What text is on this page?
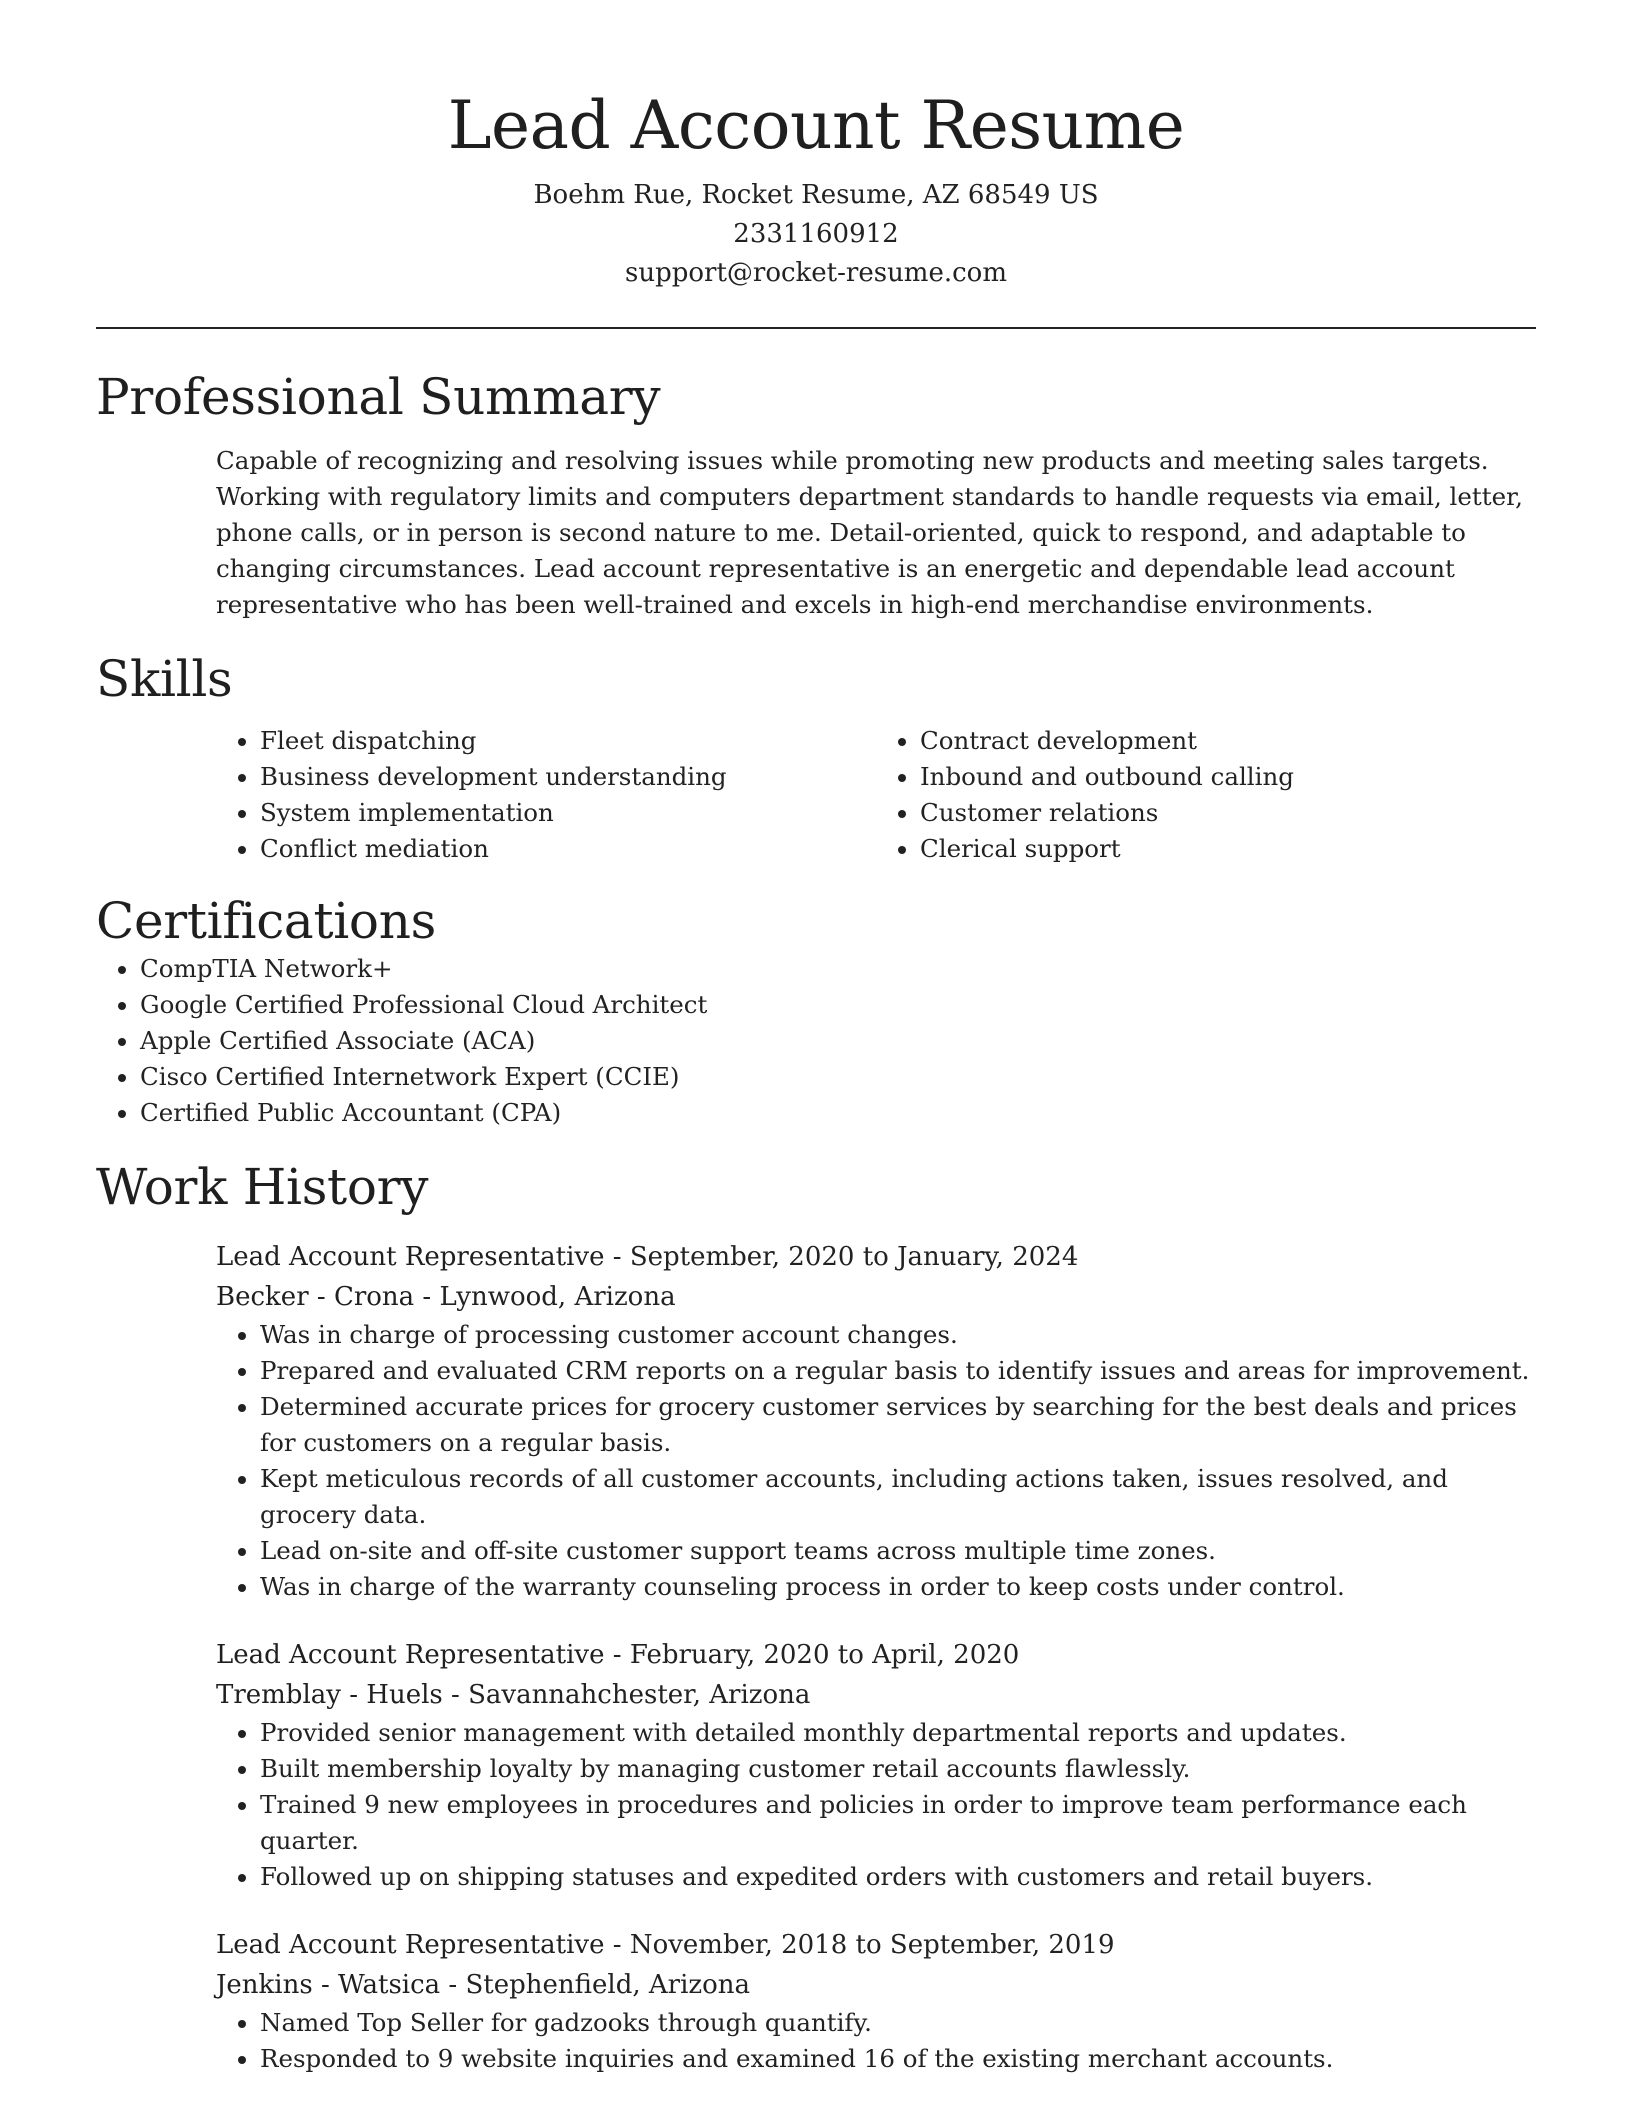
Lead Account Resume
Boehm Rue, Rocket Resume, AZ 68549 US
2331160912
support@rocket-resume.com
Professional Summary

Capable of recognizing and resolving issues while promoting new products and meeting sales targets. Working with regulatory limits and computers department standards to handle requests via email, letter, phone calls, or in person is second nature to me. Detail-oriented, quick to respond, and adaptable to changing circumstances. Lead account representative is an energetic and dependable lead account representative who has been well-trained and excels in high-end merchandise environments.

Skills
• Fleet dispatching
• Business development understanding
• System implementation
• Conflict mediation
• Contract development
• Inbound and outbound calling
• Customer relations
• Clerical support
Certifications
• CompTIA Network+
• Google Certified Professional Cloud Architect
• Apple Certified Associate (ACA)
• Cisco Certified Internetwork Expert (CCIE)
• Certified Public Accountant (CPA)
Work History
Lead Account Representative - September, 2020 to January, 2024
Becker - Crona - Lynwood, Arizona
• Was in charge of processing customer account changes.
• Prepared and evaluated CRM reports on a regular basis to identify issues and areas for improvement.
• Determined accurate prices for grocery customer services by searching for the best deals and prices for customers on a regular basis.
• Kept meticulous records of all customer accounts, including actions taken, issues resolved, and grocery data.
• Lead on-site and off-site customer support teams across multiple time zones.
• Was in charge of the warranty counseling process in order to keep costs under control.
Lead Account Representative - February, 2020 to April, 2020
Tremblay - Huels - Savannahchester, Arizona
• Provided senior management with detailed monthly departmental reports and updates.
• Built membership loyalty by managing customer retail accounts flawlessly.
• Trained 9 new employees in procedures and policies in order to improve team performance each quarter.
• Followed up on shipping statuses and expedited orders with customers and retail buyers.
Lead Account Representative - November, 2018 to September, 2019
Jenkins - Watsica - Stephenfield, Arizona
• Named Top Seller for gadzooks through quantify.
• Responded to 9 website inquiries and examined 16 of the existing merchant accounts.
